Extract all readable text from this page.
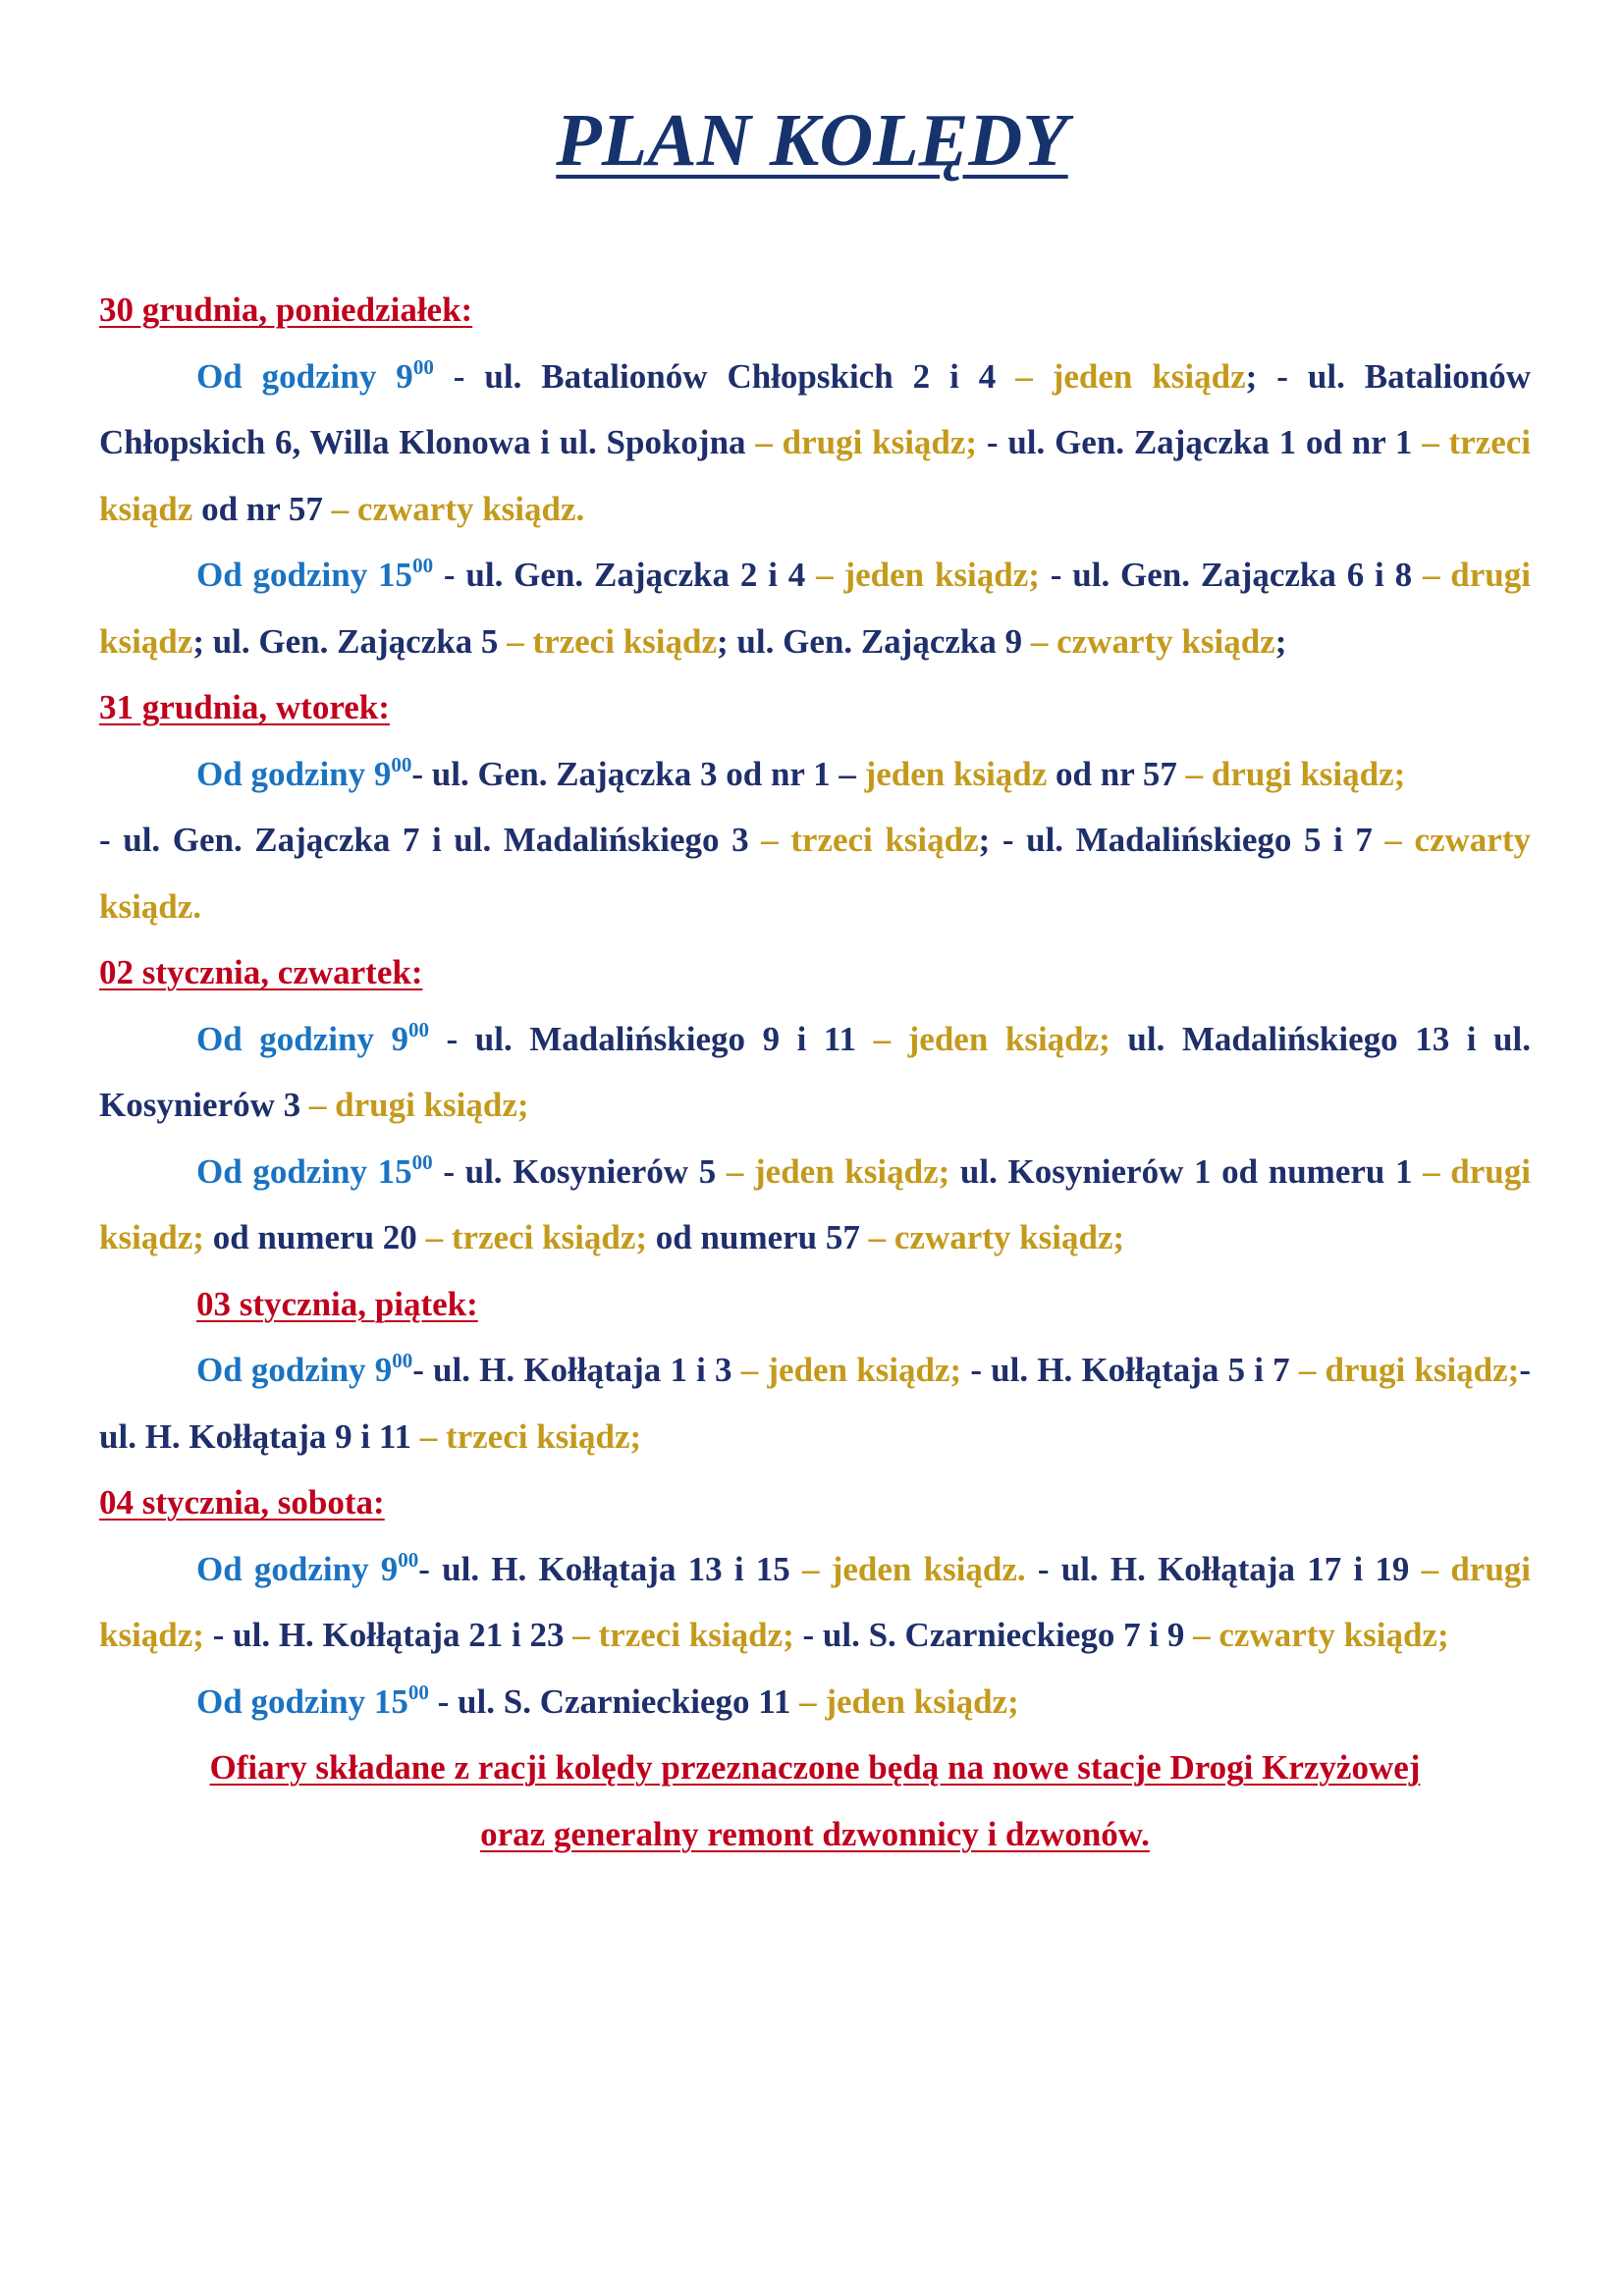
PLAN KOLĘDY

30 grudnia, poniedziałek:

Od godziny $9^{00}$ - ul. Batalionów Chłopskich 2 i 4 – jeden ksiądz; - ul. Batalionów Chłopskich 6, Willa Klonowa i ul. Spokojna – drugi ksiądz; - ul. Gen. Zajączka 1 od nr 1 – trzeci ksiądz od nr 57 – czwarty ksiądz.

Od godziny $15^{00}$ - ul. Gen. Zajączka 2 i 4 – jeden ksiądz; - ul. Gen. Zajączka 6 i 8 – drugi ksiądz; ul. Gen. Zajączka 5 – trzeci ksiądz; ul. Gen. Zajączka 9 – czwarty ksiądz;

31 grudnia, wtorek:

Od godziny $9^{00}-$ ul. Gen. Zajączka 3 od nr 1 – jeden ksiądz od nr 57 – drugi ksiądz;

- ul. Gen. Zajączka 7 i ul. Madalińskiego 3 – trzeci ksiądz; - ul. Madalińskiego 5 i 7 – czwarty ksiądz.

02 stycznia, czwartek:

Od godziny $9^{00}$ - ul. Madalińskiego 9 i 11 – jeden ksiądz; ul. Madalińskiego 13 i ul. Kosynierów 3 – drugi ksiądz;

Od godziny $15^{00}$ - ul. Kosynierów 5 – jeden ksiądz; ul. Kosynierów 1 od numeru 1 – drugi ksiądz; od numeru 20 – trzeci ksiądz; od numeru 57 – czwarty ksiądz;

03 stycznia, piątek:

Od godziny $9^{00}-$ ul. H. Kołłątaja 1 i 3 – jeden ksiądz; - ul. H. Kołłątaja 5 i 7 – drugi ksiądz;- ul. H. Kołłątaja 9 i 11 – trzeci ksiądz;

04 stycznia, sobota:

Od godziny $9^{00}-$ ul. H. Kołłątaja 13 i 15 – jeden ksiądz. - ul. H. Kołłątaja 17 i 19 – drugi ksiądz; - ul. H. Kołłątaja 21 i 23 – trzeci ksiądz; - ul. S. Czarnieckiego 7 i 9 – czwarty ksiądz;

Od godziny $15^{00}$ - ul. S. Czarnieckiego 11 – jeden ksiądz;

Ofiary składane z racji kolędy przeznaczone będą na nowe stacje Drogi Krzyżowej

oraz generalny remont dzwonnicy i dzwonów.
